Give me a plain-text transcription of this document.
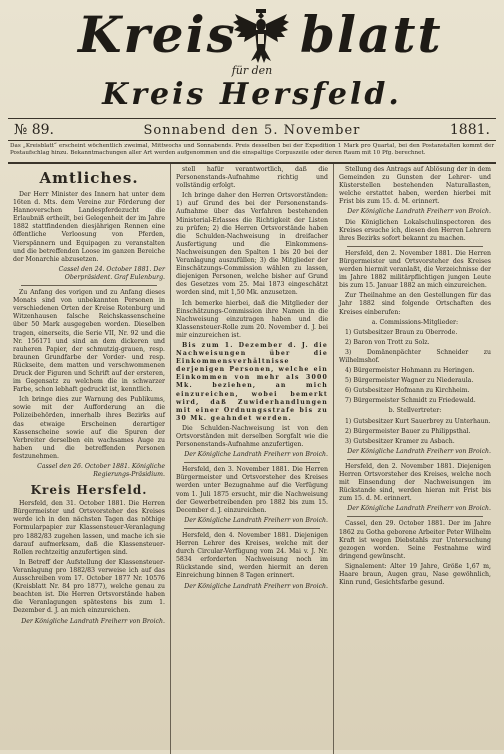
Kreis blatt
für den
Kreis Hersfeld.
№ 89.	Sonnabend den 5. November	1881.
Das „Kreisblatt“ erscheint wöchentlich zweimal, Mittwochs und Sonnabends. Preis desselben bei der Expedition 1 Mark pro Quartal, bei den Postanstalten kommt der Postaufschlag hinzu. Bekanntmachungen aller Art werden aufgenommen und die einspaltige Corpuszeile oder deren Raum mit 10 Pfg. berechnet.
Amtliches.

Der Herr Minister des Innern hat unter dem 16ten d. Mts. dem Vereine zur Förderung der Hannoverschen Landespferdezucht die Erlaubniß ertheilt, bei Gelegenheit der im Jahre 1882 stattfindenden diesjährigen Rennen eine öffentliche Verloosung von Pferden, Vierspännern und Equipagen zu veranstalten und die betreffenden Loose im ganzen Bereiche der Monarchie abzusetzen.

Cassel den 24. October 1881. Der Oberpräsident. Graf Eulenburg.

Zu Anfang des vorigen und zu Anfang dieses Monats sind von unbekannten Personen in verschiedenen Orten der Kreise Rotenburg und Witzenhausen falsche Reichskassenscheine über 50 Mark ausgegeben worden. Dieselben tragen, einerseits, die Serie VII, Nr. 92 und die Nr. 156171 und sind an dem dickeren und rauheren Papier, der schmutzig-grauen, resp. braunen Grundfarbe der Vorder- und resp. Rückseite, dem matten und verschwommenen Druck der Figuren und Schrift auf der ersteren, im Gegensatz zu welchem die in schwarzer Farbe, schon lebhaft gedruckt ist, kenntlich.

Ich bringe dies zur Warnung des Publikums, sowie mit der Aufforderung an die Polizeibehörden, innerhalb ihres Bezirks auf das etwaige Erscheinen derartiger Kassenscheine sowie auf die Spuren der Verbreiter derselben ein wachsames Auge zu haben und die betreffenden Personen festzunehmen.

Cassel den 26. October 1881. Königliche Regierungs-Präsidium.

Kreis Hersfeld.

Hersfeld, den 31. October 1881. Die Herren Bürgermeister und Ortsvorsteher des Kreises werde ich in den nächsten Tagen das nöthige Formularpapier zur Klassensteuer-Veranlagung pro 1882/83 zugehen lassen, und mache ich sie darauf aufmerksam, daß die Klassensteuer-Rollen rechtzeitig anzufertigen sind.

In Betreff der Aufstellung der Klassensteuer-Veranlagung pro 1882/83 verweise ich auf das Ausschreiben vom 17. October 1877 Nr. 10576 (Kreisblatt Nr. 84 pro 1877), welche genau zu beachten ist. Die Herren Ortsvorstände haben die Veranlagungen spätestens bis zum 1. Dezember d. J. an mich einzureichen.

Der Königliche Landrath Freiherr von Broich.

stell hafür verantwortlich, daß die Personenstands-Aufnahme richtig und vollständig erfolgt.

Ich bringe daher den Herren Ortsvorständen: 1) auf Grund des bei der Personenstands-Aufnahme über das Verfahren bestehenden Ministerial-Erlasses die Richtigkeit der Listen zu prüfen; 2) die Herren Ortsvorstände haben die Schulden-Nachweisung in dreifacher Ausfertigung und die Einkommens-Nachweisungen den Spalten 1 bis 20 bei der Veranlagung auszufüllen; 3) die Mitglieder der Einschätzungs-Commission wählen zu lassen, diejenigen Personen, welche bisher auf Grund des Gesetzes vom 25. Mai 1873 eingeschätzt worden sind, mit 1,50 Mk. anzusetzen.

Ich bemerke hierbei, daß die Mitglieder der Einschätzungs-Commission ihre Namen in die Nachweisung einzutragen haben und die Klassensteuer-Rolle zum 20. November d. J. bei mir einzureichen ist.

Bis zum 1. Dezember d. J. die Nachweisungen über die Einkommensverhältnisse derjenigen Personen, welche ein Einkommen von mehr als 3000 Mk. beziehen, an mich einzureichen, wobei bemerkt wird, daß Zuwiderhandlungen mit einer Ordnungsstrafe bis zu 30 Mk. geahndet werden.

Die Schulden-Nachweisung ist von den Ortsvorständen mit derselben Sorgfalt wie die Personenstands-Aufnahme anzufertigen.

Der Königliche Landrath Freiherr von Broich.

Hersfeld, den 3. November 1881. Die Herren Bürgermeister und Ortsvorsteher des Kreises werden unter Bezugnahme auf die Verfügung vom 1. Juli 1875 ersucht, mir die Nachweisung der Gewerbetreibenden pro 1882 bis zum 15. December d. J. einzureichen.

Der Königliche Landrath Freiherr von Broich.

Hersfeld, den 4. November 1881. Diejenigen Herren Lehrer des Kreises, welche mit der durch Circular-Verfügung vom 24. Mai v. J. Nr. 5834 erforderten Nachweisung noch im Rückstande sind, werden hiermit an deren Einreichung binnen 8 Tagen erinnert.

Der Königliche Landrath Freiherr von Broich.

Stellung des Antrags auf Ablösung der in dem Gemeinden zu Gunsten der Lehrer- und Küsterstellen bestehenden Naturallasten, welche erstattet haben, werden hierbei mit Frist bis zum 15. d. M. erinnert.

Der Königliche Landrath Freiherr von Broich.

Die Königlichen Lokalschulinspectoren des Kreises ersuche ich, diesen den Herren Lehrern ihres Bezirks sofort bekannt zu machen.

Hersfeld, den 2. November 1881. Die Herren Bürgermeister und Ortsvorsteher des Kreises werden hiermit veranlaßt, die Verzeichnisse der im Jahre 1882 militärpflichtigen jungen Leute bis zum 15. Januar 1882 an mich einzureichen.

Zur Theilnahme an den Gestellungen für das Jahr 1882 sind folgende Ortschaften des Kreises einberufen:

a. Commissions-Mitglieder:

1) Gutsbesitzer Braun zu Oberrode.

2) Baron von Trott zu Solz.

3) Domänenpächter Schneider zu Wilhelmshof.

4) Bürgermeister Hohmann zu Heringen.

5) Bürgermeister Wagner zu Niederaula.

6) Gutsbesitzer Hofmann zu Kirchheim.

7) Bürgermeister Schmidt zu Friedewald.

b. Stellvertreter:

1) Gutsbesitzer Kurt Sauerbrey zu Unterhaun.

2) Bürgermeister Bauer zu Philippsthal.

3) Gutsbesitzer Kramer zu Asbach.

Der Königliche Landrath Freiherr von Broich.

Hersfeld, den 2. November 1881. Diejenigen Herren Ortsvorsteher des Kreises, welche noch mit Einsendung der Nachweisungen im Rückstande sind, werden hieran mit Frist bis zum 15. d. M. erinnert.

Der Königliche Landrath Freiherr von Broich.

Cassel, den 29. October 1881. Der im Jahre 1862 zu Gotha geborene Arbeiter Peter Wilhelm Kraft ist wegen Diebstahls zur Untersuchung gezogen worden. Seine Festnahme wird dringend gewünscht.

Signalement: Alter 19 Jahre, Größe 1,67 m, Haare braun, Augen grau, Nase gewöhnlich, Kinn rund, Gesichtsfarbe gesund.
